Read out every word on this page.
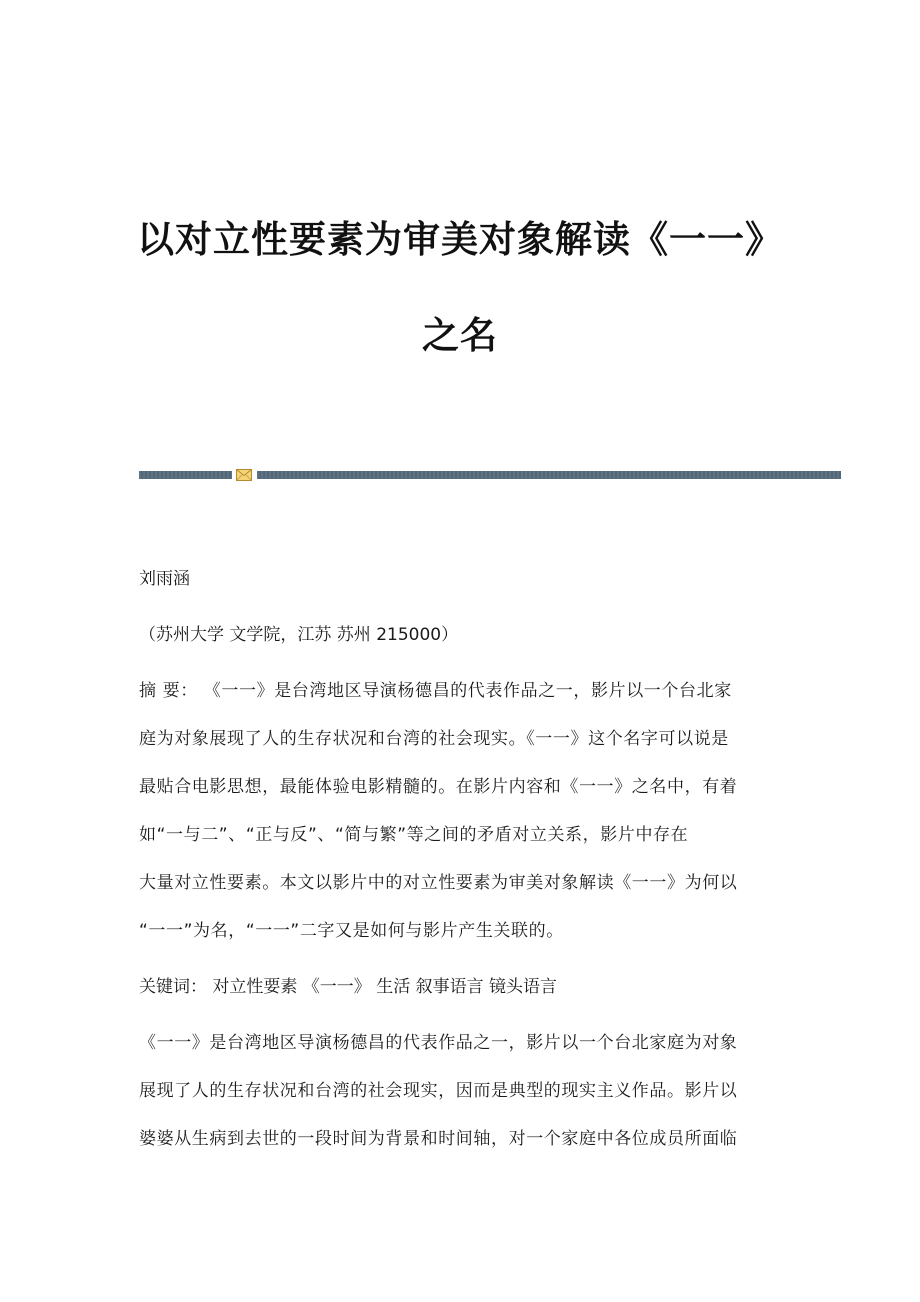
以对立性要素为审美对象解读《一一》
之名
刘雨涵
（苏州大学 文学院，江苏 苏州 215000）
摘 要： 《一一》是台湾地区导演杨德昌的代表作品之一，影片以一个台北家
庭为对象展现了人的生存状况和台湾的社会现实。《一一》这个名字可以说是
最贴合电影思想，最能体验电影精髓的。在影片内容和《一一》之名中，有着
如“一与二”、“正与反”、“简与繁”等之间的矛盾对立关系，影片中存在
大量对立性要素。本文以影片中的对立性要素为审美对象解读《一一》为何以
“一一”为名，“一一”二字又是如何与影片产生关联的。
关键词： 对立性要素 《一一》 生活 叙事语言 镜头语言
《一一》是台湾地区导演杨德昌的代表作品之一，影片以一个台北家庭为对象
展现了人的生存状况和台湾的社会现实，因而是典型的现实主义作品。影片以
婆婆从生病到去世的一段时间为背景和时间轴，对一个家庭中各位成员所面临
